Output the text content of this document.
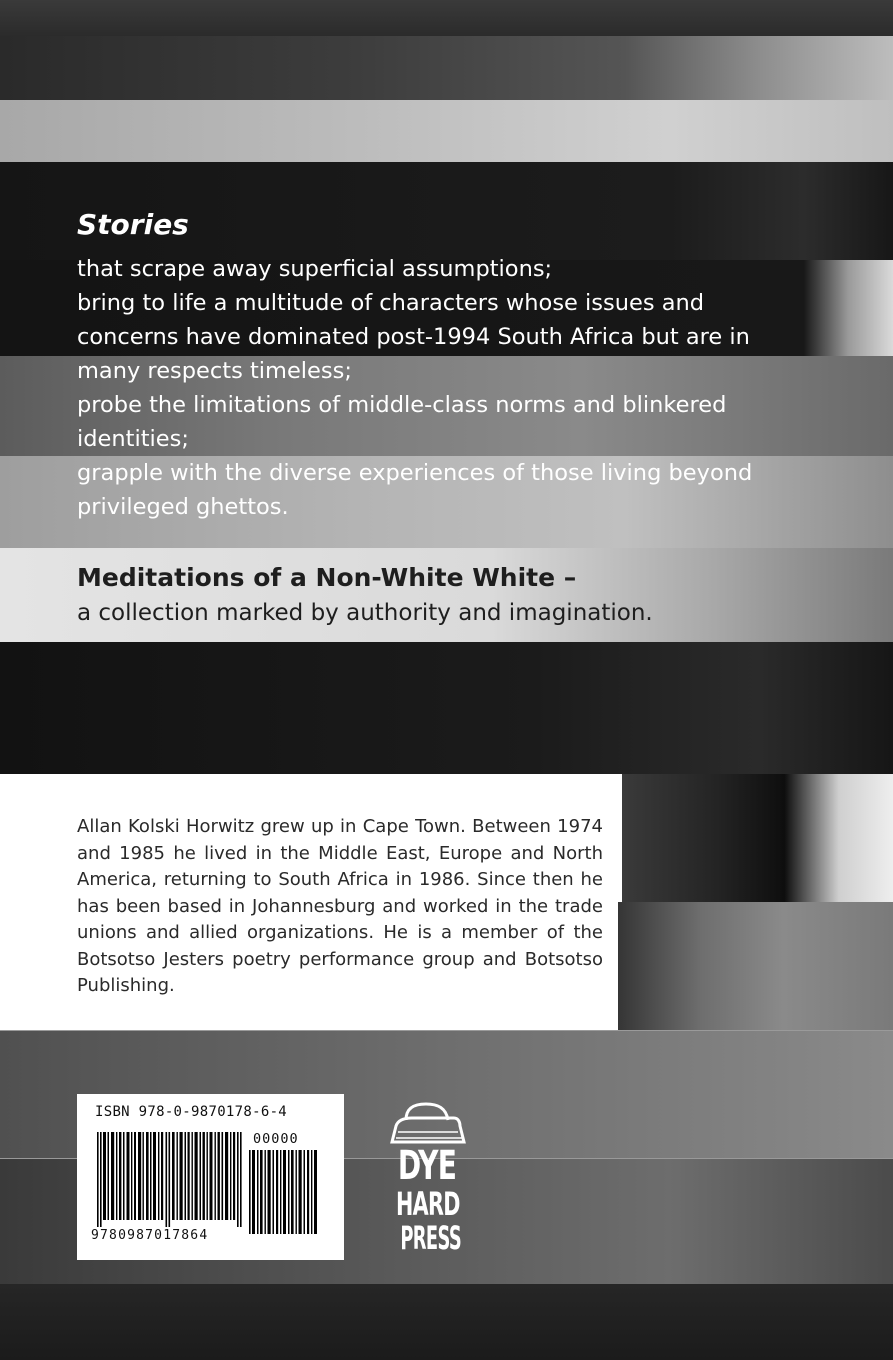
Stories

that scrape away superficial assumptions;
bring to life a multitude of characters whose issues and
concerns have dominated post-1994 South Africa but are in
many respects timeless;
probe the limitations of middle-class norms and blinkered
identities;
grapple with the diverse experiences of those living beyond
privileged ghettos.

Meditations of a Non-White White –

a collection marked by authority and imagination.

Allan Kolski Horwitz grew up in Cape Town. Between 1974 and 1985 he lived in the Middle East, Europe and North America, returning to South Africa in 1986. Since then he has been based in Johannesburg and worked in the trade unions and allied organizations. He is a member of the Botsotso Jesters poetry performance group and Botsotso Publishing.

ISBN 978-0-9870178-6-4
00000
9780987017864
DYE
HARD
PRESS
